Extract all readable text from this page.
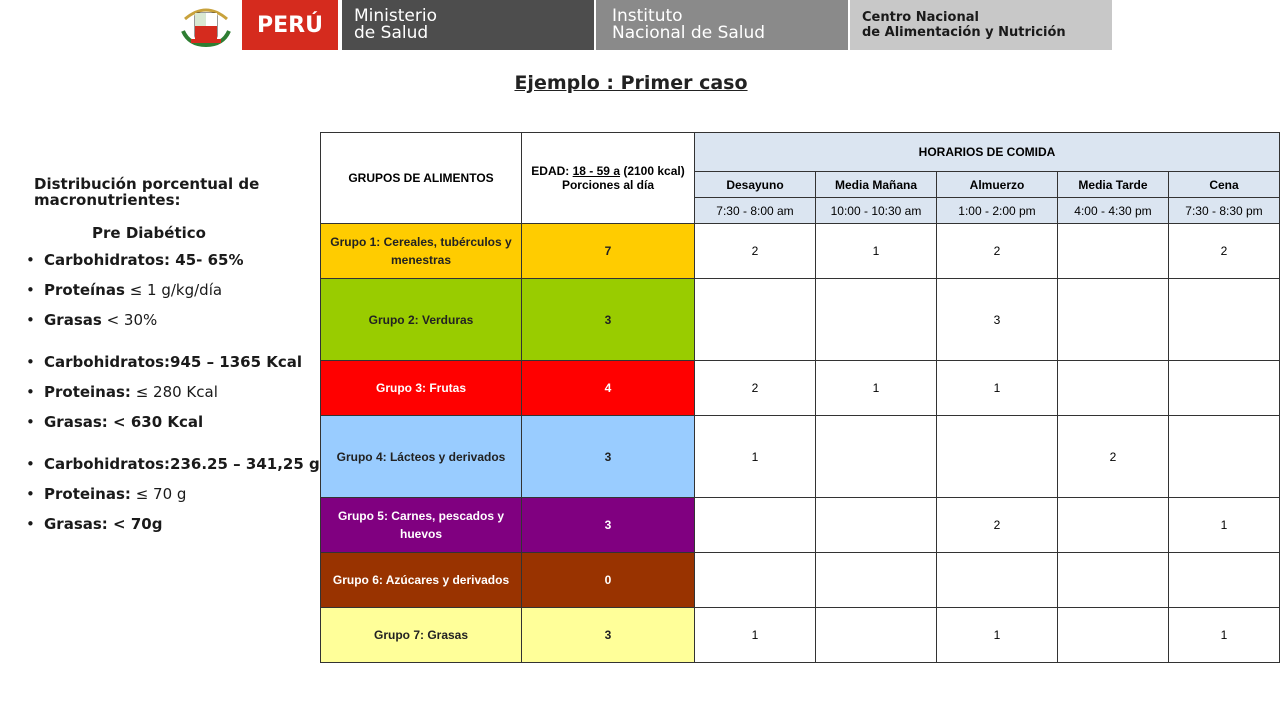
PERÚ	Ministerio
de Salud
Instituto
Nacional de Salud
Centro Nacional
de Alimentación y Nutrición
Ejemplo : Primer caso
Distribución porcentual de macronutrientes:
Pre Diabético
• Carbohidratos: 45- 65%
• Proteínas ≤ 1 g/kg/día
• Grasas < 30%
• Carbohidratos:945 – 1365 Kcal
• Proteinas: ≤ 280 Kcal
• Grasas: < 630 Kcal
• Carbohidratos:236.25 – 341,25 g
• Proteinas: ≤ 70 g
• Grasas: < 70g
GRUPOS DE ALIMENTOS	EDAD: 18 - 59 a (2100 kcal)
Porciones al día	HORARIOS DE COMIDA				
		Desayuno	Media Mañana	Almuerzo	Media Tarde	Cena
		7:30 - 8:00 am	10:00 - 10:30 am	1:00 - 2:00 pm	4:00 - 4:30 pm	7:30 - 8:30 pm
Grupo 1: Cereales, tubérculos y menestras	7	2	1	2		2
Grupo 2: Verduras	3			3		
Grupo 3: Frutas	4	2	1	1		
Grupo 4: Lácteos y derivados	3	1			2	
Grupo 5: Carnes, pescados y huevos	3			2		1
Grupo 6: Azúcares y derivados	0					
Grupo 7: Grasas	3	1		1		1
